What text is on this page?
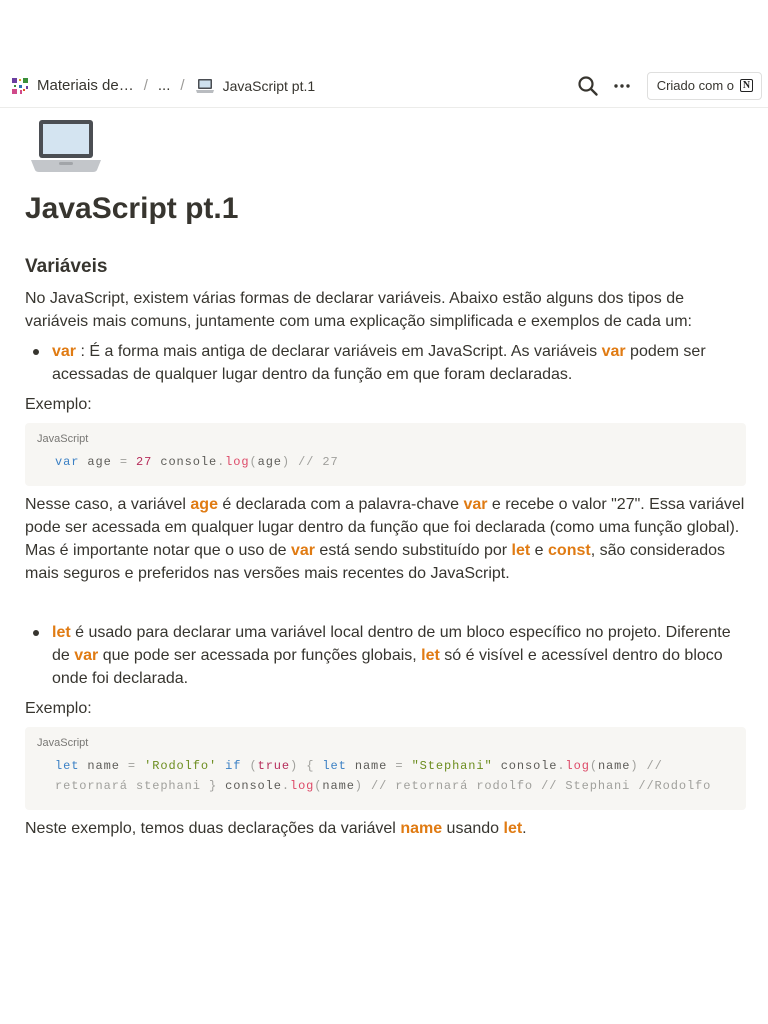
Materiais de… / ... /	JavaScript pt.1	Criado com o N
JavaScript pt.1
Variáveis

No JavaScript, existem várias formas de declarar variáveis. Abaixo estão alguns dos tipos de variáveis mais comuns, juntamente com uma explicação simplificada e exemplos de cada um:

var : É a forma mais antiga de declarar variáveis em JavaScript. As variáveis var podem ser acessadas de qualquer lugar dentro da função em que foram declaradas.

Exemplo:

JavaScript
var age = 27 console.log(age) // 27

Nesse caso, a variável age é declarada com a palavra-chave var e recebe o valor "27". Essa variável pode ser acessada em qualquer lugar dentro da função que foi declarada (como uma função global). Mas é importante notar que o uso de var está sendo substituído por let e const, são considerados mais seguros e preferidos nas versões mais recentes do JavaScript.

let é usado para declarar uma variável local dentro de um bloco específico no projeto. Diferente de var que pode ser acessada por funções globais, let só é visível e acessível dentro do bloco onde foi declarada.

Exemplo:

JavaScript
let name = 'Rodolfo' if (true) { let name = "Stephani" console.log(name) // retornará stephani } console.log(name) // retornará rodolfo // Stephani //Rodolfo

Neste exemplo, temos duas declarações da variável name usando let.
